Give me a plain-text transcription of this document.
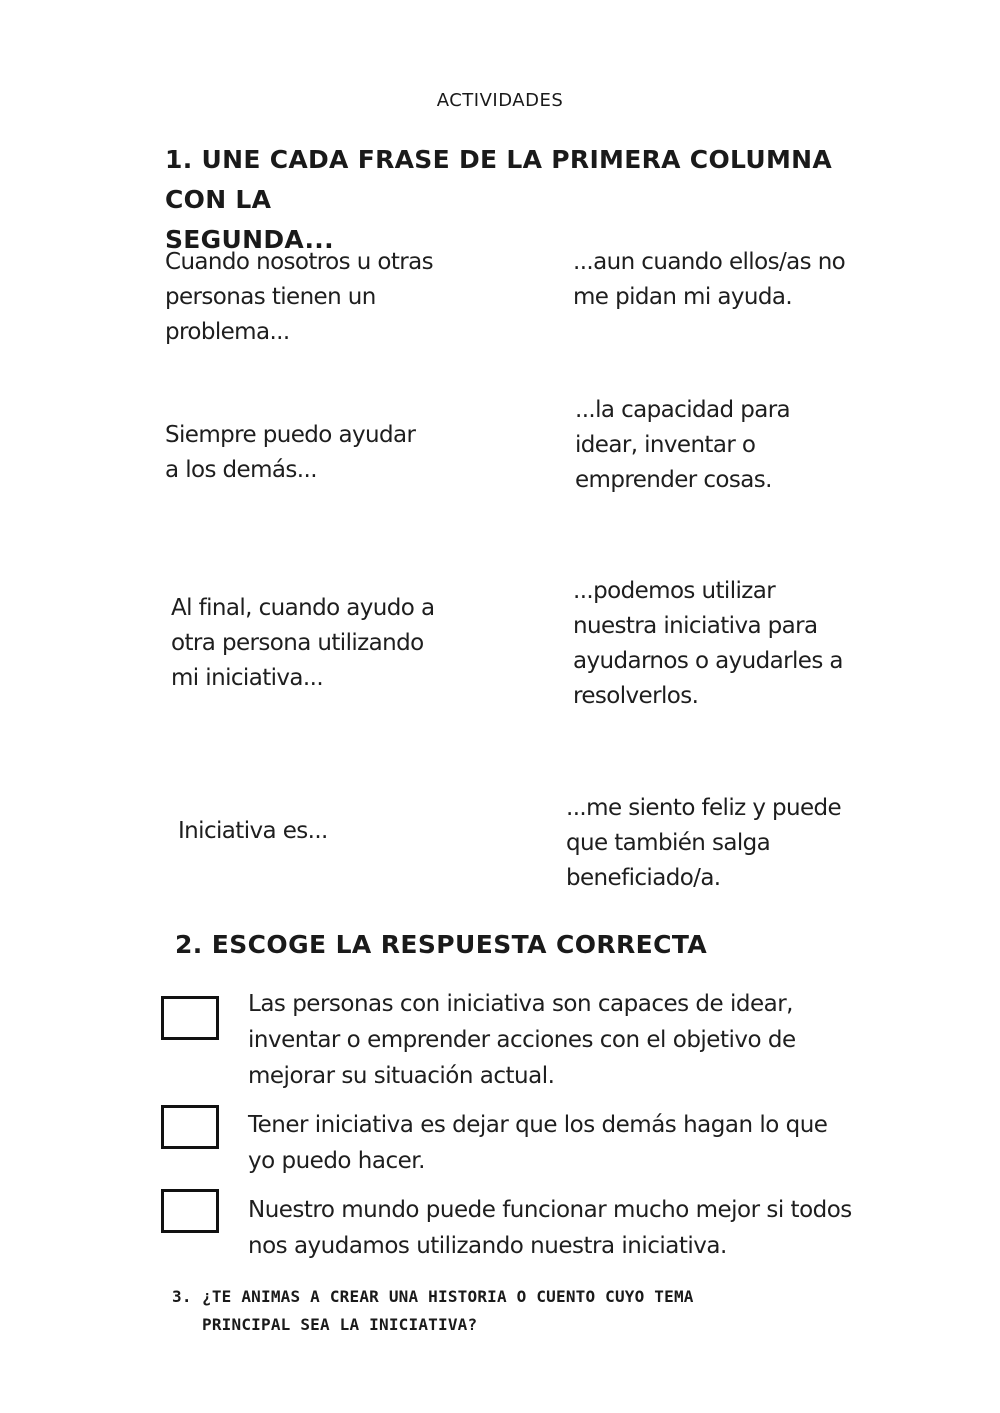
ACTIVIDADES
1. UNE CADA FRASE DE LA PRIMERA COLUMNA CON LA
SEGUNDA...
Cuando nosotros u otras personas tienen un problema...
Siempre puedo ayudar a los demás...
Al final, cuando ayudo a otra persona utilizando mi iniciativa...
Iniciativa es...
...aun cuando ellos/as no me pidan mi ayuda.
...la capacidad para idear, inventar o emprender cosas.
...podemos utilizar nuestra iniciativa para ayudarnos o ayudarles a resolverlos.
...me siento feliz y puede que también salga beneficiado/a.
2. ESCOGE LA RESPUESTA CORRECTA
Las personas con iniciativa son capaces de idear, inventar o emprender acciones con el objetivo de mejorar su situación actual.
Tener iniciativa es dejar que los demás hagan lo que yo puedo hacer.
Nuestro mundo puede funcionar mucho mejor si todos nos ayudamos utilizando nuestra iniciativa.
3. ¿TE ANIMAS A CREAR UNA HISTORIA O CUENTO CUYO TEMA
PRINCIPAL SEA LA INICIATIVA?
